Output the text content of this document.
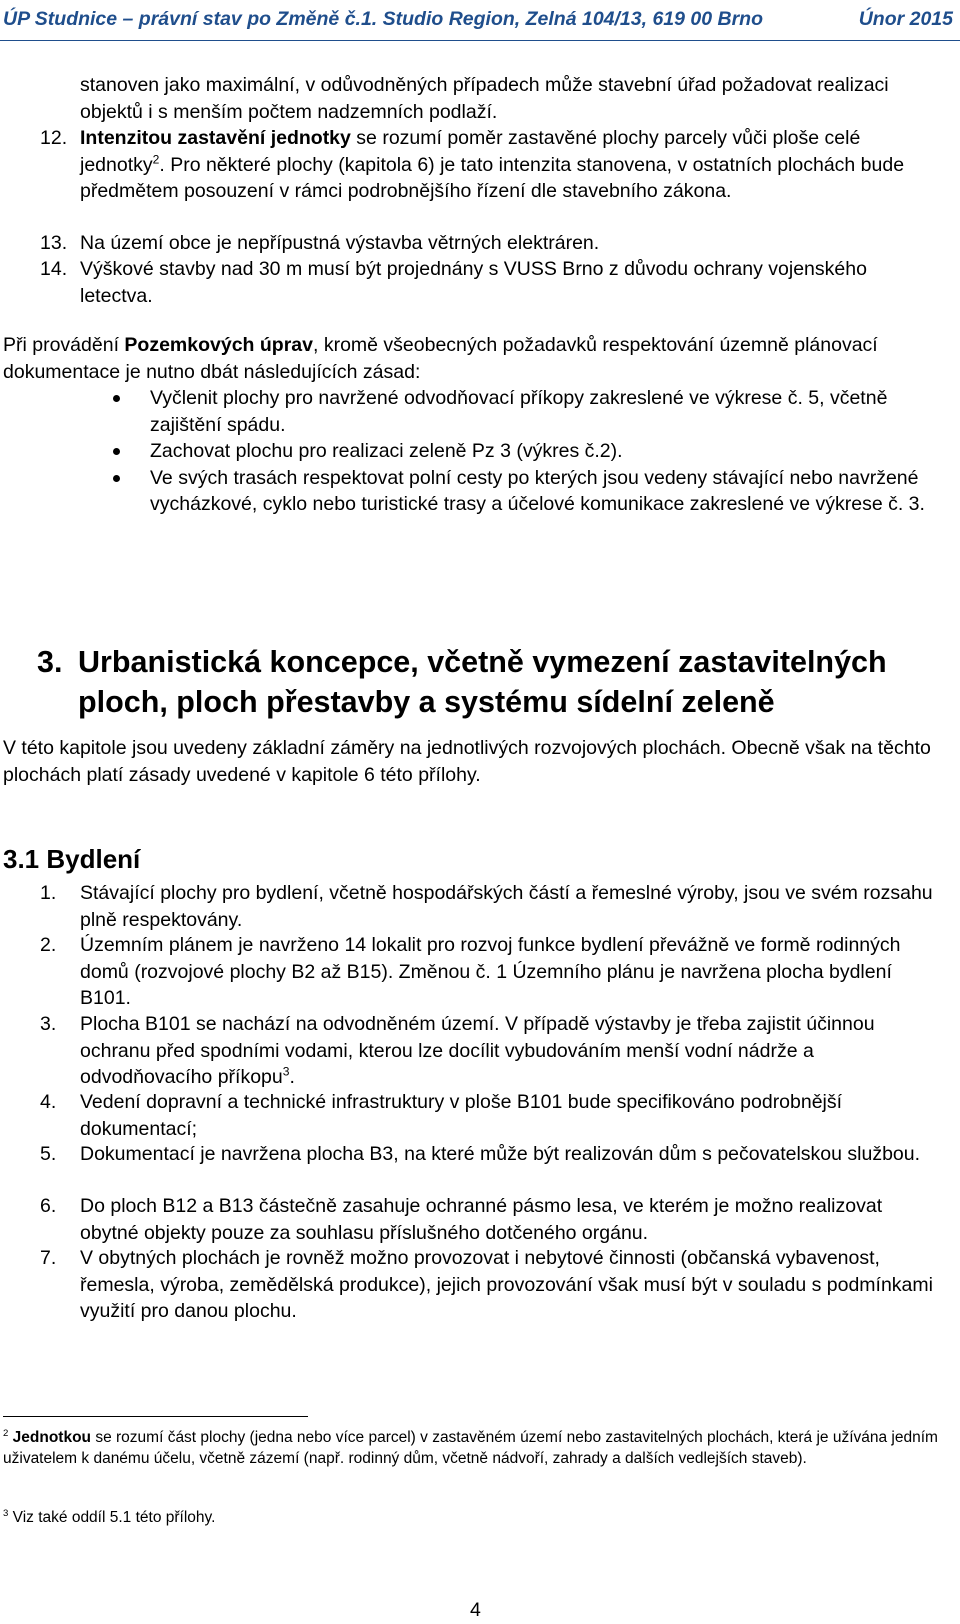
ÚP Studnice – právní stav po Změně č.1. Studio Region, Zelná 104/13, 619 00 Brno	Únor 2015
stanoven jako maximální, v odůvodněných případech může stavební úřad požadovat realizaci objektů i s menším počtem nadzemních podlaží.
12. Intenzitou zastavění jednotky se rozumí poměr zastavěné plochy parcely vůči ploše celé jednotky$^2$. Pro některé plochy (kapitola 6) je tato intenzita stanovena, v ostatních plochách bude předmětem posouzení v rámci podrobnějšího řízení dle stavebního zákona.
13. Na území obce je nepřípustná výstavba větrných elektráren.
14. Výškové stavby nad 30 m musí být projednány s VUSS Brno z důvodu ochrany vojenského letectva.
Při provádění Pozemkových úprav, kromě všeobecných požadavků respektování územně plánovací dokumentace je nutno dbát následujících zásad:
Vyčlenit plochy pro navržené odvodňovací příkopy zakreslené ve výkrese č. 5, včetně zajištění spádu.
Zachovat plochu pro realizaci zeleně Pz 3 (výkres č.2).
Ve svých trasách respektovat polní cesty po kterých jsou vedeny stávající nebo navržené vycházkové, cyklo nebo turistické trasy a účelové komunikace zakreslené ve výkrese č. 3.
3. Urbanistická koncepce, včetně vymezení zastavitelných ploch, ploch přestavby a systému sídelní zeleně
V této kapitole jsou uvedeny základní záměry na jednotlivých rozvojových plochách. Obecně však na těchto plochách platí zásady uvedené v kapitole 6 této přílohy.
3.1 Bydlení
1.	Stávající plochy pro bydlení, včetně hospodářských částí a řemeslné výroby, jsou ve svém rozsahu plně respektovány.
2.	Územním plánem je navrženo 14 lokalit pro rozvoj funkce bydlení převážně ve formě rodinných domů (rozvojové plochy B2 až B15). Změnou č. 1 Územního plánu je navržena plocha bydlení B101.
3.	Plocha B101 se nachází na odvodněném území. V případě výstavby je třeba zajistit účinnou ochranu před spodními vodami, kterou lze docílit vybudováním menší vodní nádrže a odvodňovacího příkopu$^3$.
4.	Vedení dopravní a technické infrastruktury v ploše B101 bude specifikováno podrobnější dokumentací;
5.	Dokumentací je navržena plocha B3, na které může být realizován dům s pečovatelskou službou.
6.	Do ploch B12 a B13 částečně zasahuje ochranné pásmo lesa, ve kterém je možno realizovat obytné objekty pouze za souhlasu příslušného dotčeného orgánu.
7.	V obytných plochách je rovněž možno provozovat i nebytové činnosti (občanská vybavenost, řemesla, výroba, zemědělská produkce), jejich provozování však musí být v souladu s podmínkami využití pro danou plochu.
$^2$ Jednotkou se rozumí část plochy (jedna nebo více parcel) v zastavěném území nebo zastavitelných plochách, která je užívána jedním uživatelem k danému účelu, včetně zázemí (např. rodinný dům, včetně nádvoří, zahrady a dalších vedlejších staveb).
$^3$ Viz také oddíl 5.1 této přílohy.
4
